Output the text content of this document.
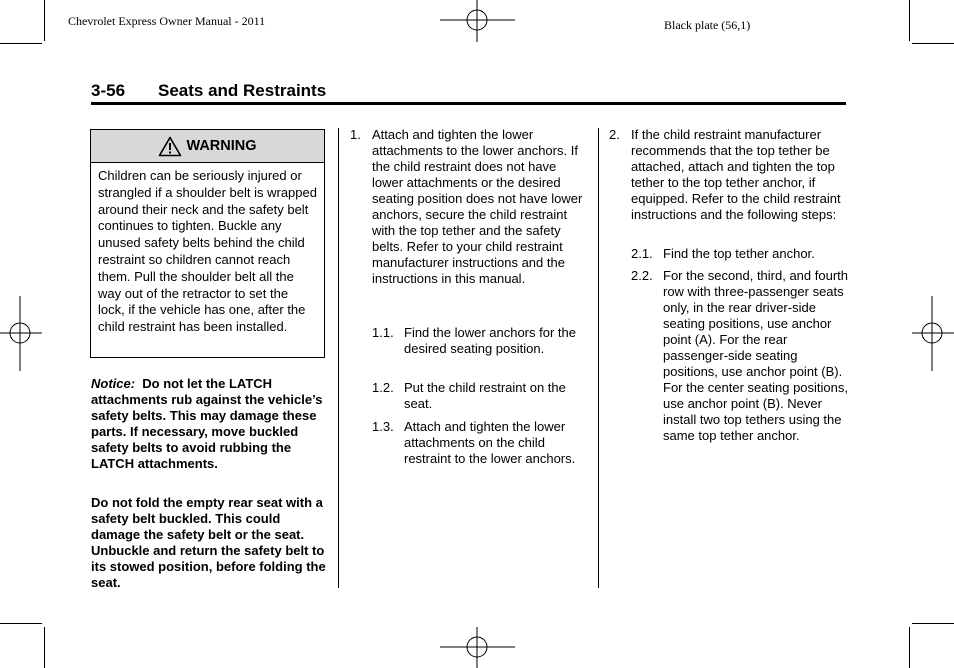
Chevrolet Express Owner Manual - 2011	Black plate (56,1)
3-56 Seats and Restraints
WARNING
Children can be seriously injured or strangled if a shoulder belt is wrapped around their neck and the safety belt continues to tighten. Buckle any unused safety belts behind the child restraint so children cannot reach them. Pull the shoulder belt all the way out of the retractor to set the lock, if the vehicle has one, after the child restraint has been installed.
Notice: Do not let the LATCH attachments rub against the vehicle’s safety belts. This may damage these parts. If necessary, move buckled safety belts to avoid rubbing the LATCH attachments.
Do not fold the empty rear seat with a safety belt buckled. This could damage the safety belt or the seat. Unbuckle and return the safety belt to its stowed position, before folding the seat.
1. Attach and tighten the lower attachments to the lower anchors. If the child restraint does not have lower attachments or the desired seating position does not have lower anchors, secure the child restraint with the top tether and the safety belts. Refer to your child restraint manufacturer instructions and the instructions in this manual.
1.1. Find the lower anchors for the desired seating position.
1.2. Put the child restraint on the seat.
1.3. Attach and tighten the lower attachments on the child restraint to the lower anchors.
2. If the child restraint manufacturer recommends that the top tether be attached, attach and tighten the top tether to the top tether anchor, if equipped. Refer to the child restraint instructions and the following steps:
2.1. Find the top tether anchor.
2.2. For the second, third, and fourth row with three-passenger seats only, in the rear driver-side seating positions, use anchor point (A). For the rear passenger-side seating positions, use anchor point (B). For the center seating positions, use anchor point (B). Never install two top tethers using the same top tether anchor.
